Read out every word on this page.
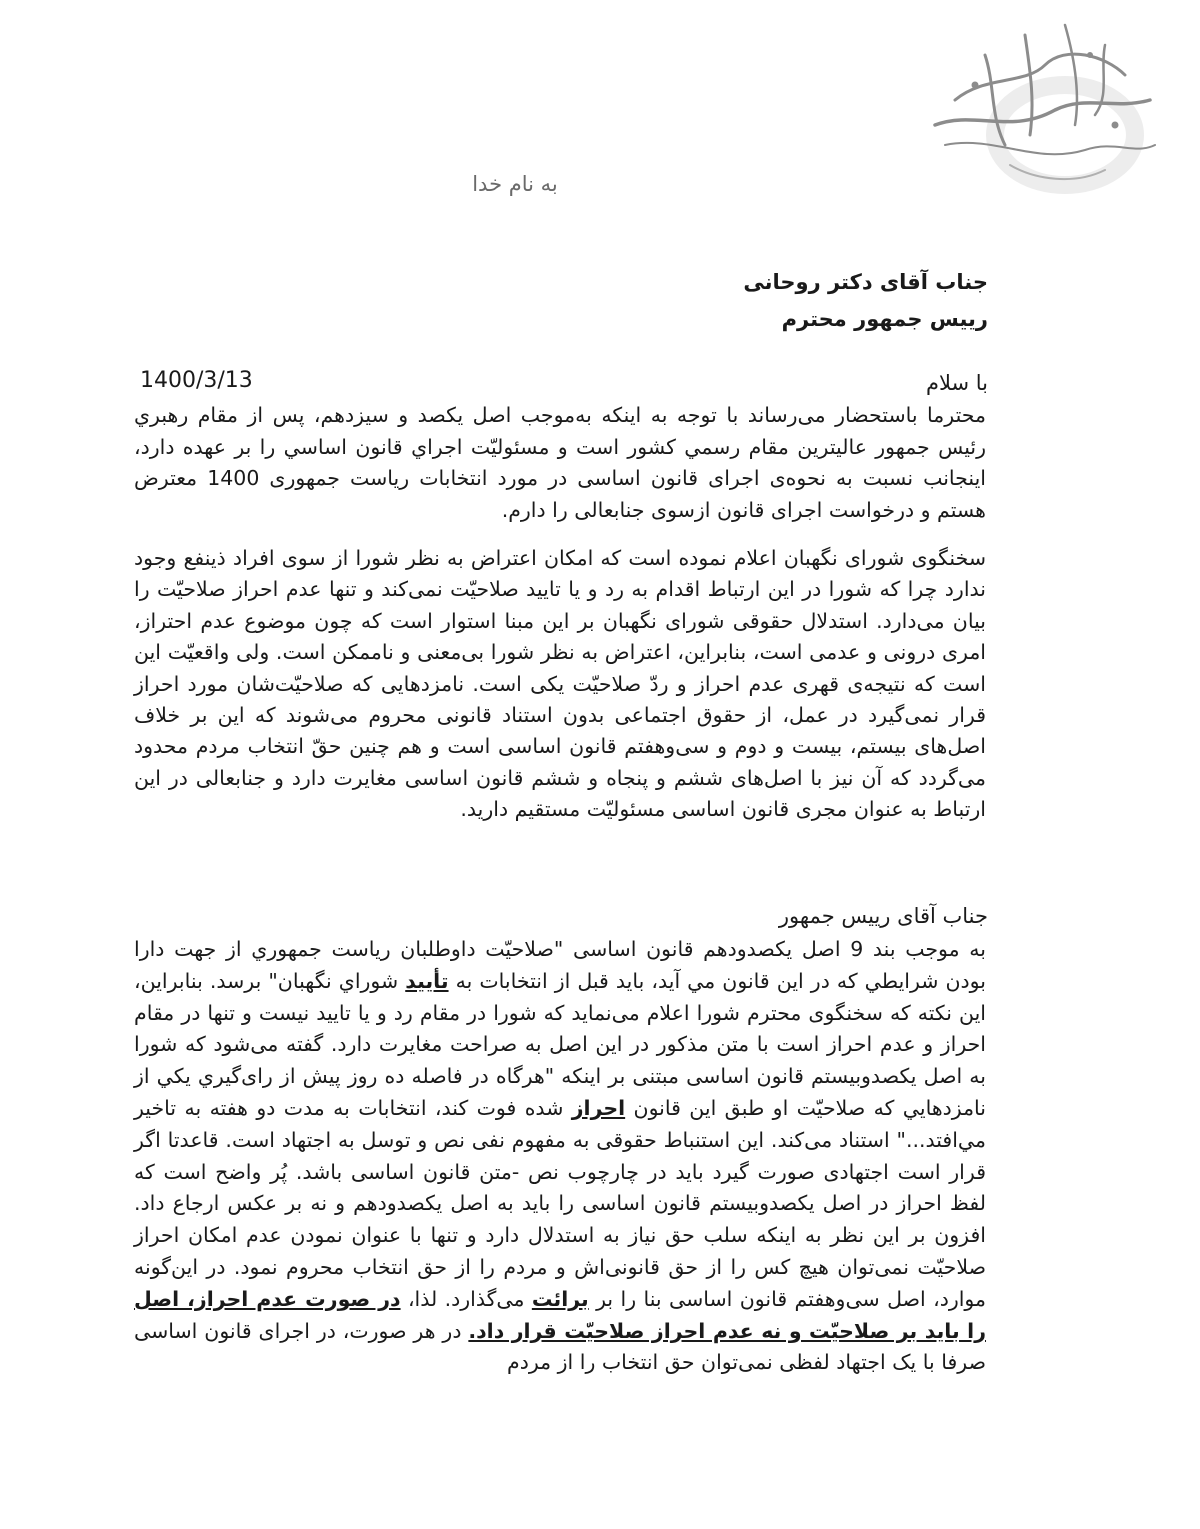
به نام خدا
جناب آقای دکتر روحانی
رییس جمهور محترم
1400/3/13	با سلام
محترما باستحضار می‌رساند با توجه به اینکه به‌موجب اصل یکصد و سیزدهم، پس از مقام رهبري رئيس جمهور عاليترين مقام رسمي كشور است و مسئولیّت اجراي قانون اساسي را بر عهده دارد، اینجانب نسبت به نحوه‌ی اجرای قانون اساسی در مورد انتخابات ریاست جمهوری 1400 معترض هستم و درخواست اجرای قانون ازسوی جنابعالی را دارم.
سخنگوی شورای نگهبان اعلام نموده است که امکان اعتراض به نظر شورا از سوی افراد ذینفع وجود ندارد چرا که شورا در این ارتباط اقدام به رد و یا تایید صلاحیّت نمی‌کند و تنها عدم احراز صلاحیّت را بیان می‌دارد. استدلال حقوقی شورای نگهبان بر این مبنا استوار است که چون موضوع عدم احتراز، امری درونی و عدمی است، بنابراین، اعتراض به نظر شورا بی‌معنی و ناممکن است. ولی واقعیّت این است که نتیجه‌ی قهری عدم احراز و ردّ صلاحیّت یکی است. نامزدهایی که صلاحیّت‌شان مورد احراز قرار نمی‌گیرد در عمل، از حقوق اجتماعی بدون استناد قانونی محروم می‌شوند که این بر خلاف اصل‌های بیستم، بیست و دوم و سی‌وهفتم قانون اساسی است و هم چنین حقّ انتخاب مردم محدود می‌گردد که آن نیز با اصل‌های ششم و پنجاه و ششم قانون اساسی مغایرت دارد و جنابعالی در این ارتباط به عنوان مجری قانون اساسی مسئولیّت مستقیم دارید.
جناب آقای رییس جمهور
به موجب بند 9 اصل یکصدودهم قانون اساسی "صلاحیّت داوطلبان ریاست جمهوري از جهت دارا بودن شرايطي كه در اين قانون مي آيد، بايد قبل از انتخابات به تأييد شوراي نگهبان" برسد. بنابراین، این نکته که سخنگوی محترم شورا اعلام می‌نماید که شورا در مقام رد و یا تایید نیست و تنها در مقام احراز و عدم احراز است با متن مذکور در این اصل به صراحت مغایرت دارد. گفته می‌شود که شورا به اصل یکصدوبیستم قانون اساسی مبتنی بر اینکه "هرگاه در فاصله ده روز پيش از رای‌گیري يکي از نامزدهايي كه صلاحيّت او طبق اين قانون احراز شده فوت كند، انتخابات به مدت دو هفته به تاخير مي‌افتد..." استناد می‌کند. این استنباط حقوقی به مفهوم نفی نص و توسل به اجتهاد است. قاعدتا اگر قرار است اجتهادی صورت گیرد باید در چارچوب نص -متن قانون اساسی باشد. پُر واضح است که لفظ احراز در اصل یکصدوبیستم قانون اساسی را باید به اصل یکصدودهم و نه بر عکس ارجاع داد. افزون بر این نظر به اینکه سلب حق نیاز به استدلال دارد و تنها با عنوان نمودن عدم امکان احراز صلاحیّت نمی‌توان هیچ کس را از حق قانونی‌اش و مردم را از حق انتخاب محروم نمود. در این‌گونه موارد، اصل سی‌وهفتم قانون اساسی بنا را بر برائت می‌گذارد. لذا، در صورت عدم احراز، اصل را باید بر صلاحیّت و نه عدم احراز صلاحیّت قرار داد. در هر صورت، در اجرای قانون اساسی صرفا با یک اجتهاد لفظی نمی‌توان حق انتخاب را از مردم
